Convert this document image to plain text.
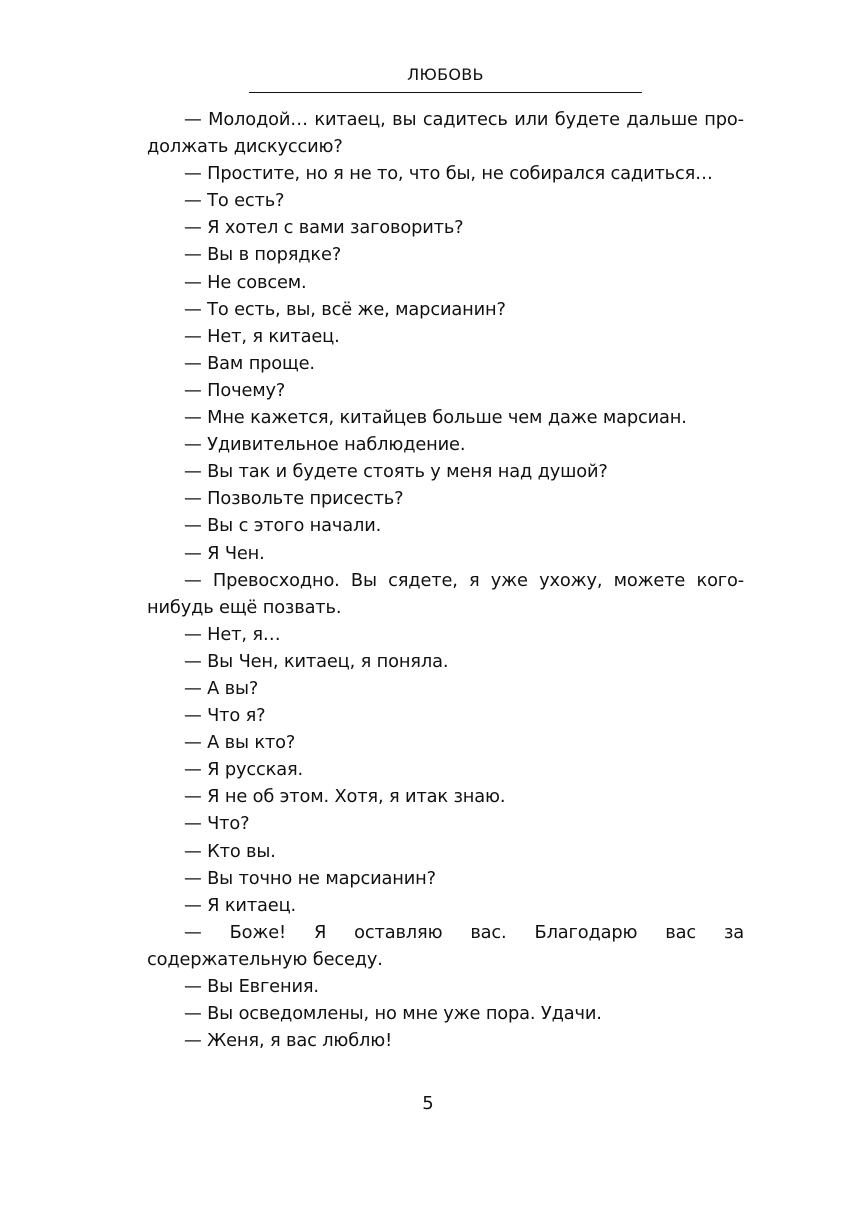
ЛЮБОВЬ

— Молодой… китаец, вы садитесь или будете дальше продолжать дискуссию?

— Простите, но я не то, что бы, не собирался садиться…

— То есть?

— Я хотел с вами заговорить?

— Вы в порядке?

— Не совсем.

— То есть, вы, всё же, марсианин?

— Нет, я китаец.

— Вам проще.

— Почему?

— Мне кажется, китайцев больше чем даже марсиан.

— Удивительное наблюдение.

— Вы так и будете стоять у меня над душой?

— Позвольте присесть?

— Вы с этого начали.

— Я Чен.

— Превосходно. Вы сядете, я уже ухожу, можете кого-нибудь ещё позвать.

— Нет, я…

— Вы Чен, китаец, я поняла.

— А вы?

— Что я?

— А вы кто?

— Я русская.

— Я не об этом. Хотя, я итак знаю.

— Что?

— Кто вы.

— Вы точно не марсианин?

— Я китаец.

— Боже! Я оставляю вас. Благодарю вас за содержательную беседу.

— Вы Евгения.

— Вы осведомлены, но мне уже пора. Удачи.

— Женя, я вас люблю!

5
